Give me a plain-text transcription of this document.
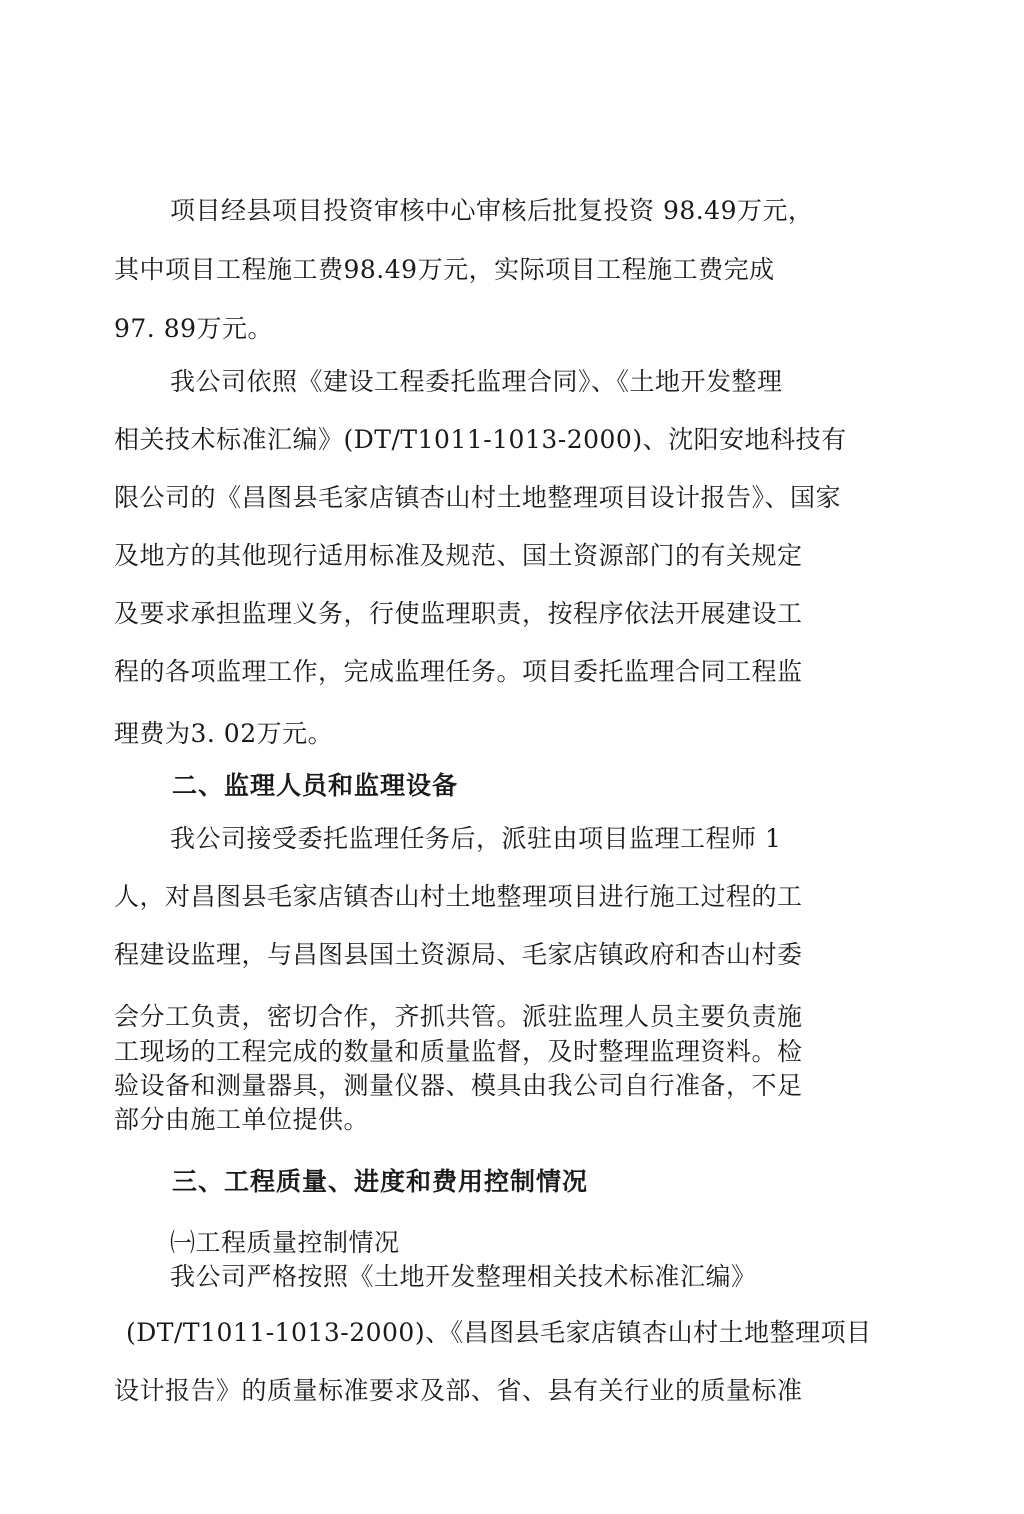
项目经县项目投资审核中心审核后批复投资 98.49万元，
其中项目工程施工费98.49万元，实际项目工程施工费完成
97. 89万元。
我公司依照《建设工程委托监理合同》、《土地开发整理
相关技术标准汇编》(DT/T1011-1013-2000)、沈阳安地科技有
限公司的《昌图县毛家店镇杏山村土地整理项目设计报告》、国家
及地方的其他现行适用标准及规范、国土资源部门的有关规定
及要求承担监理义务，行使监理职责，按程序依法开展建设工
程的各项监理工作，完成监理任务。项目委托监理合同工程监
理费为3. 02万元。
二、监理人员和监理设备
我公司接受委托监理任务后，派驻由项目监理工程师 1
人，对昌图县毛家店镇杏山村土地整理项目进行施工过程的工
程建设监理，与昌图县国土资源局、毛家店镇政府和杏山村委
会分工负责，密切合作，齐抓共管。派驻监理人员主要负责施
工现场的工程完成的数量和质量监督，及时整理监理资料。检
验设备和测量器具，测量仪器、模具由我公司自行准备，不足
部分由施工单位提供。
三、工程质量、进度和费用控制情况
㈠工程质量控制情况
我公司严格按照《土地开发整理相关技术标准汇编》
(DT/T1011-1013-2000)、《昌图县毛家店镇杏山村土地整理项目
设计报告》的质量标准要求及部、省、县有关行业的质量标准
